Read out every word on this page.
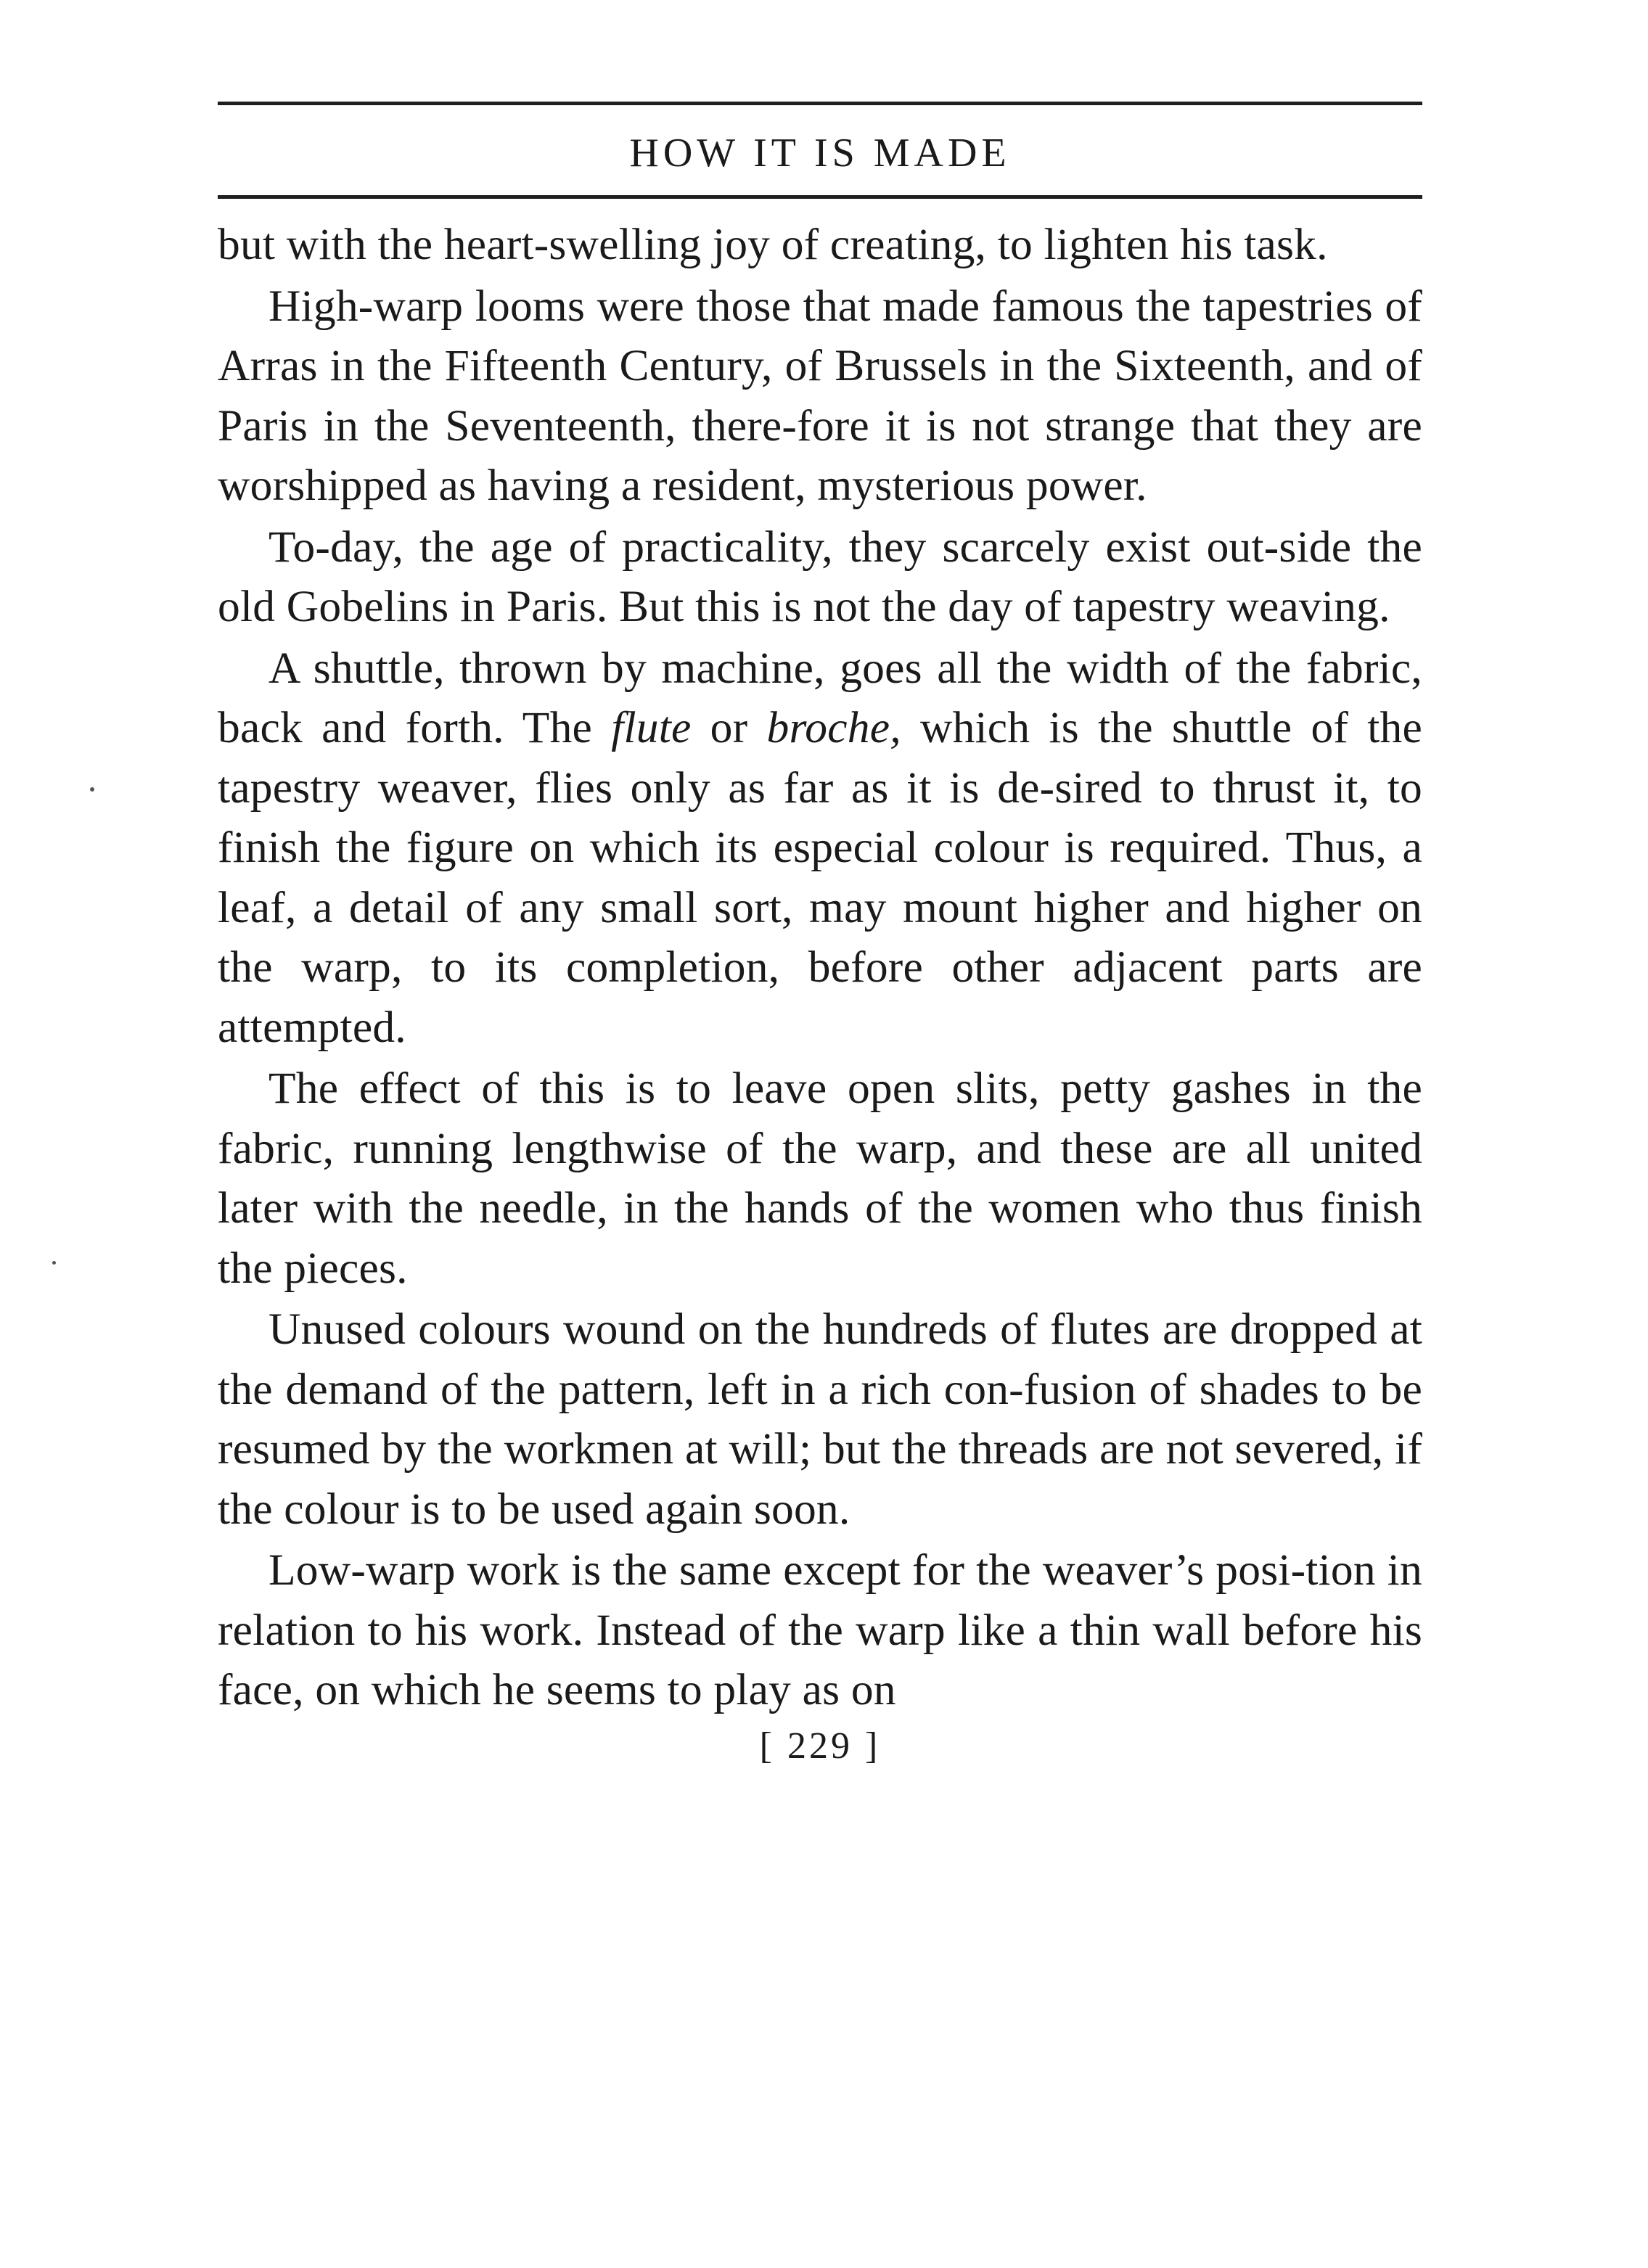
HOW IT IS MADE

but with the heart-swelling joy of creating, to lighten his task.

High-warp looms were those that made famous the tapestries of Arras in the Fifteenth Century, of Brussels in the Sixteenth, and of Paris in the Seventeenth, there-fore it is not strange that they are worshipped as having a resident, mysterious power.

To-day, the age of practicality, they scarcely exist out-side the old Gobelins in Paris. But this is not the day of tapestry weaving.

A shuttle, thrown by machine, goes all the width of the fabric, back and forth. The flute or broche, which is the shuttle of the tapestry weaver, flies only as far as it is de-sired to thrust it, to finish the figure on which its especial colour is required. Thus, a leaf, a detail of any small sort, may mount higher and higher on the warp, to its completion, before other adjacent parts are attempted.

The effect of this is to leave open slits, petty gashes in the fabric, running lengthwise of the warp, and these are all united later with the needle, in the hands of the women who thus finish the pieces.

Unused colours wound on the hundreds of flutes are dropped at the demand of the pattern, left in a rich con-fusion of shades to be resumed by the workmen at will; but the threads are not severed, if the colour is to be used again soon.

Low-warp work is the same except for the weaver’s posi-tion in relation to his work. Instead of the warp like a thin wall before his face, on which he seems to play as on

[ 229 ]
